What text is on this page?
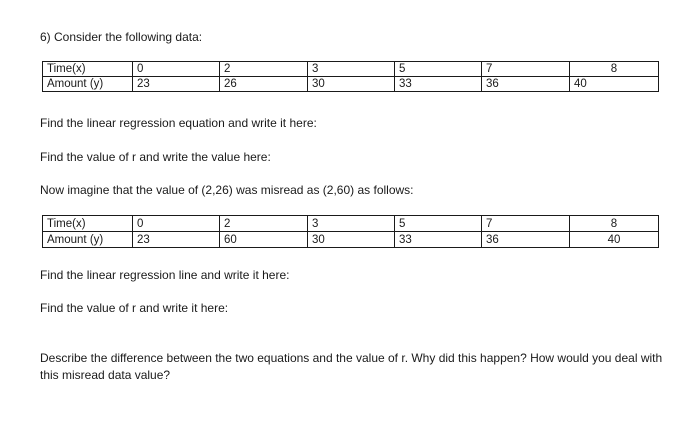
6) Consider the following data:
Time(x)	0	2	3	5	7	8
Amount (y)	23	26	30	33	36	40
Find the linear regression equation and write it here:
Find the value of r and write the value here:
Now imagine that the value of (2,26) was misread as (2,60) as follows:
Time(x)	0	2	3	5	7	8
Amount (y)	23	60	30	33	36	40
Find the linear regression line and write it here:
Find the value of r and write it here:
Describe the difference between the two equations and the value of r. Why did this happen? How would you deal with this misread data value?
